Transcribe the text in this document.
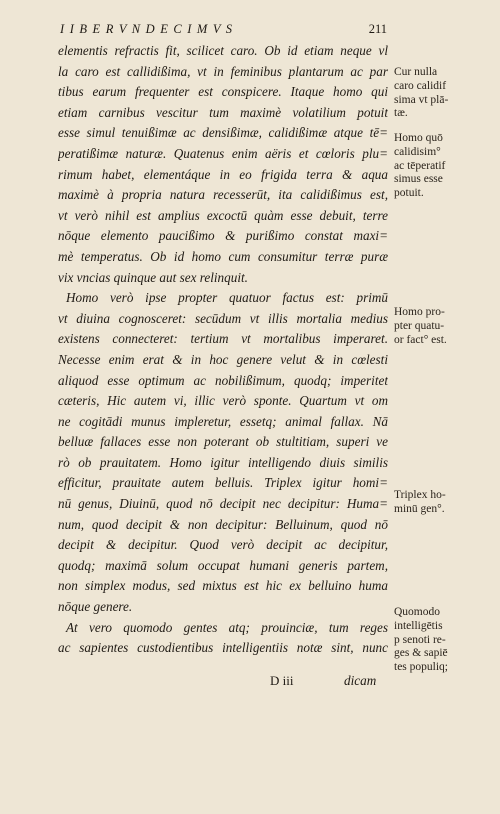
I I B E R V N D E C I M V S	211
elementis refractis fit, scilicet caro. Ob id etiam neque vl
la caro est callidißima, vt in feminibus plantarum ac par
tibus earum frequenter est conspicere. Itaque homo qui
etiam carnibus vescitur tum maximè volatilium potuit
esse simul tenuißimæ ac densißimæ, calidißimæ atque tē=
peratißimæ naturæ. Quatenus enim aëris et cœloris plu=
rimum habet, elementáque in eo frigida terra & aqua
maximè à propria natura recesserūt, ita calidißimus est,
vt verò nihil est amplius excoctū quàm esse debuit, terre
nōque elemento paucißimo & purißimo constat maxi=
mè temperatus. Ob id homo cum consumitur terræ puræ
vix vncias quinque aut sex relinquit.
Homo verò ipse propter quatuor factus est: primū
vt diuina cognosceret: secūdum vt illis mortalia medius
existens connecteret: tertium vt mortalibus imperaret.
Necesse enim erat & in hoc genere velut & in cœlesti
aliquod esse optimum ac nobilißimum, quodq; imperitet
cæteris, Hic autem vi, illic verò sponte. Quartum vt om
ne cogitādi munus impleretur, essetq; animal fallax. Nā
belluæ fallaces esse non poterant ob stultitiam, superi ve
rò ob prauitatem. Homo igitur intelligendo diuis similis
efficitur, prauitate autem belluis. Triplex igitur homi=
nū genus, Diuinū, quod nō decipit nec decipitur: Huma=
num, quod decipit & non decipitur: Belluinum, quod nō
decipit & decipitur. Quod verò decipit ac decipitur,
quodq; maximā solum occupat humani generis partem,
non simplex modus, sed mixtus est hic ex belluino huma
nōque genere.
At vero quomodo gentes atq; prouinciæ, tum reges
ac sapientes custodientibus intelligentiis notæ sint, nunc
Cur nulla
caro calidif
sima vt plā-
tæ.
Homo quō
calidisim°
ac tēperatif
simus esse
potuit.
Homo pro-
pter quatu-
or fact° est.
Triplex ho-
minū gen°.
Quomodo
intelligētis
p senoti re-
ges & sapiē
tes populiq;
D iii	dicam
